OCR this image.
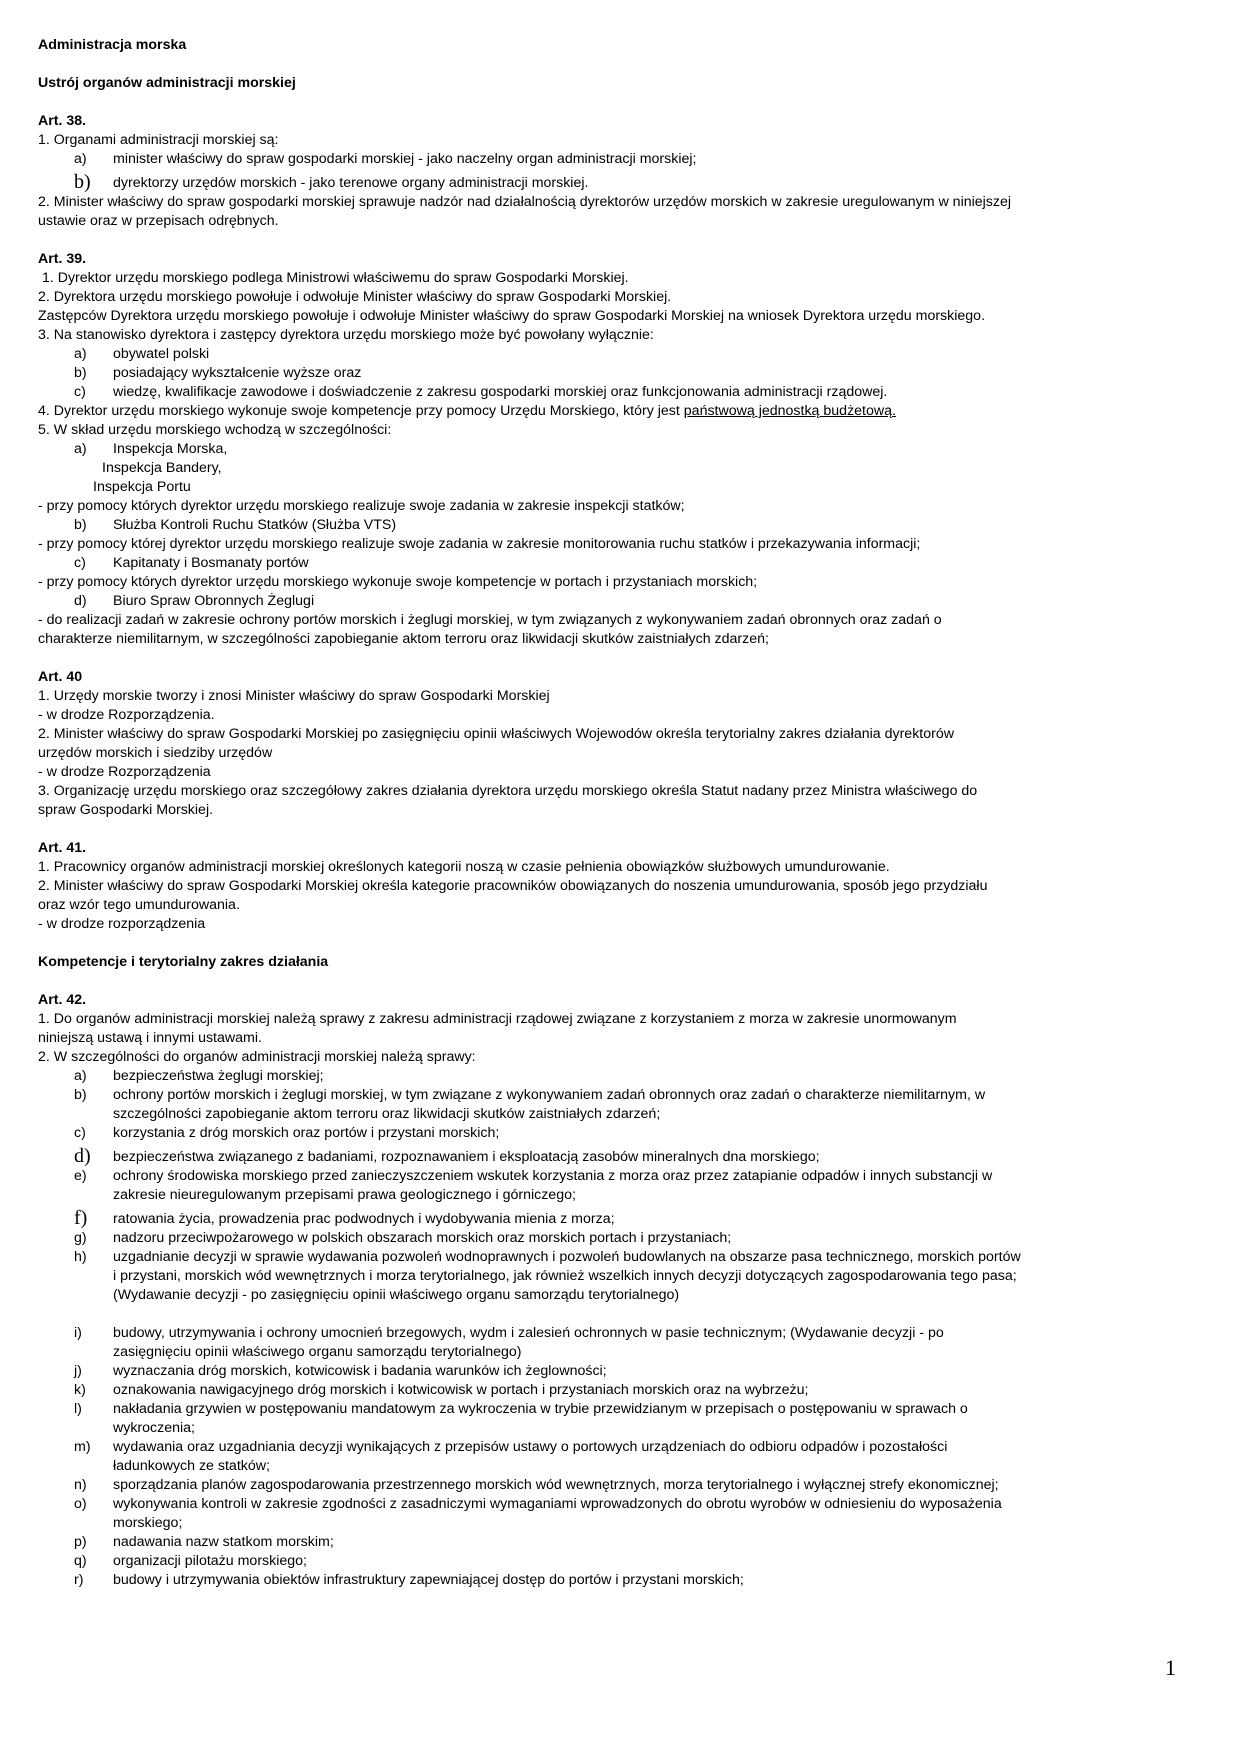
Administracja morska
Ustrój organów administracji morskiej
Art. 38.
1. Organami administracji morskiej są:
a) minister właściwy do spraw gospodarki morskiej - jako naczelny organ administracji morskiej;
b) dyrektorzy urzędów morskich - jako terenowe organy administracji morskiej.
2. Minister właściwy do spraw gospodarki morskiej sprawuje nadzór nad działalnością dyrektorów urzędów morskich w zakresie uregulowanym w niniejszej
ustawie oraz w przepisach odrębnych.
Art. 39.
1. Dyrektor urzędu morskiego podlega Ministrowi właściwemu do spraw Gospodarki Morskiej.
2. Dyrektora urzędu morskiego powołuje i odwołuje Minister właściwy do spraw Gospodarki Morskiej.
Zastępców Dyrektora urzędu morskiego powołuje i odwołuje Minister właściwy do spraw Gospodarki Morskiej na wniosek Dyrektora urzędu morskiego.
3. Na stanowisko dyrektora i zastępcy dyrektora urzędu morskiego może być powołany wyłącznie:
a) obywatel polski
b) posiadający wykształcenie wyższe oraz
c) wiedzę, kwalifikacje zawodowe i doświadczenie z zakresu gospodarki morskiej oraz funkcjonowania administracji rządowej.
4. Dyrektor urzędu morskiego wykonuje swoje kompetencje przy pomocy Urzędu Morskiego, który jest państwową jednostką budżetową.
5. W skład urzędu morskiego wchodzą w szczególności:
a) Inspekcja Morska,
Inspekcja Bandery,
Inspekcja Portu
- przy pomocy których dyrektor urzędu morskiego realizuje swoje zadania w zakresie inspekcji statków;
b) Służba Kontroli Ruchu Statków (Służba VTS)
- przy pomocy której dyrektor urzędu morskiego realizuje swoje zadania w zakresie monitorowania ruchu statków i przekazywania informacji;
c) Kapitanaty i Bosmanaty portów
- przy pomocy których dyrektor urzędu morskiego wykonuje swoje kompetencje w portach i przystaniach morskich;
d) Biuro Spraw Obronnych Żeglugi
- do realizacji zadań w zakresie ochrony portów morskich i żeglugi morskiej, w tym związanych z wykonywaniem zadań obronnych oraz zadań o
charakterze niemilitarnym, w szczególności zapobieganie aktom terroru oraz likwidacji skutków zaistniałych zdarzeń;
Art. 40
1. Urzędy morskie tworzy i znosi Minister właściwy do spraw Gospodarki Morskiej
- w drodze Rozporządzenia.
2. Minister właściwy do spraw Gospodarki Morskiej po zasięgnięciu opinii właściwych Wojewodów określa terytorialny zakres działania dyrektorów
urzędów morskich i siedziby urzędów
- w drodze Rozporządzenia
3. Organizację urzędu morskiego oraz szczegółowy zakres działania dyrektora urzędu morskiego określa Statut nadany przez Ministra właściwego do
spraw Gospodarki Morskiej.
Art. 41.
1. Pracownicy organów administracji morskiej określonych kategorii noszą w czasie pełnienia obowiązków służbowych umundurowanie.
2. Minister właściwy do spraw Gospodarki Morskiej określa kategorie pracowników obowiązanych do noszenia umundurowania, sposób jego przydziału
oraz wzór tego umundurowania.
- w drodze rozporządzenia
Kompetencje i terytorialny zakres działania
Art. 42.
1. Do organów administracji morskiej należą sprawy z zakresu administracji rządowej związane z korzystaniem z morza w zakresie unormowanym
niniejszą ustawą i innymi ustawami.
2. W szczególności do organów administracji morskiej należą sprawy:
a) bezpieczeństwa żeglugi morskiej;
b) ochrony portów morskich i żeglugi morskiej, w tym związane z wykonywaniem zadań obronnych oraz zadań o charakterze niemilitarnym, w
szczególności zapobieganie aktom terroru oraz likwidacji skutków zaistniałych zdarzeń;
c) korzystania z dróg morskich oraz portów i przystani morskich;
d) bezpieczeństwa związanego z badaniami, rozpoznawaniem i eksploatacją zasobów mineralnych dna morskiego;
e) ochrony środowiska morskiego przed zanieczyszczeniem wskutek korzystania z morza oraz przez zatapianie odpadów i innych substancji w
zakresie nieuregulowanym przepisami prawa geologicznego i górniczego;
f) ratowania życia, prowadzenia prac podwodnych i wydobywania mienia z morza;
g) nadzoru przeciwpożarowego w polskich obszarach morskich oraz morskich portach i przystaniach;
h) uzgadnianie decyzji w sprawie wydawania pozwoleń wodnoprawnych i pozwoleń budowlanych na obszarze pasa technicznego, morskich portów
i przystani, morskich wód wewnętrznych i morza terytorialnego, jak również wszelkich innych decyzji dotyczących zagospodarowania tego pasa;
(Wydawanie decyzji - po zasięgnięciu opinii właściwego organu samorządu terytorialnego)
i) budowy, utrzymywania i ochrony umocnień brzegowych, wydm i zalesień ochronnych w pasie technicznym; (Wydawanie decyzji - po
zasięgnięciu opinii właściwego organu samorządu terytorialnego)
j) wyznaczania dróg morskich, kotwicowisk i badania warunków ich żeglowności;
k) oznakowania nawigacyjnego dróg morskich i kotwicowisk w portach i przystaniach morskich oraz na wybrzeżu;
l) nakładania grzywien w postępowaniu mandatowym za wykroczenia w trybie przewidzianym w przepisach o postępowaniu w sprawach o
wykroczenia;
m) wydawania oraz uzgadniania decyzji wynikających z przepisów ustawy o portowych urządzeniach do odbioru odpadów i pozostałości
ładunkowych ze statków;
n) sporządzania planów zagospodarowania przestrzennego morskich wód wewnętrznych, morza terytorialnego i wyłącznej strefy ekonomicznej;
o) wykonywania kontroli w zakresie zgodności z zasadniczymi wymaganiami wprowadzonych do obrotu wyrobów w odniesieniu do wyposażenia
morskiego;
p) nadawania nazw statkom morskim;
q) organizacji pilotażu morskiego;
r) budowy i utrzymywania obiektów infrastruktury zapewniającej dostęp do portów i przystani morskich;
1
